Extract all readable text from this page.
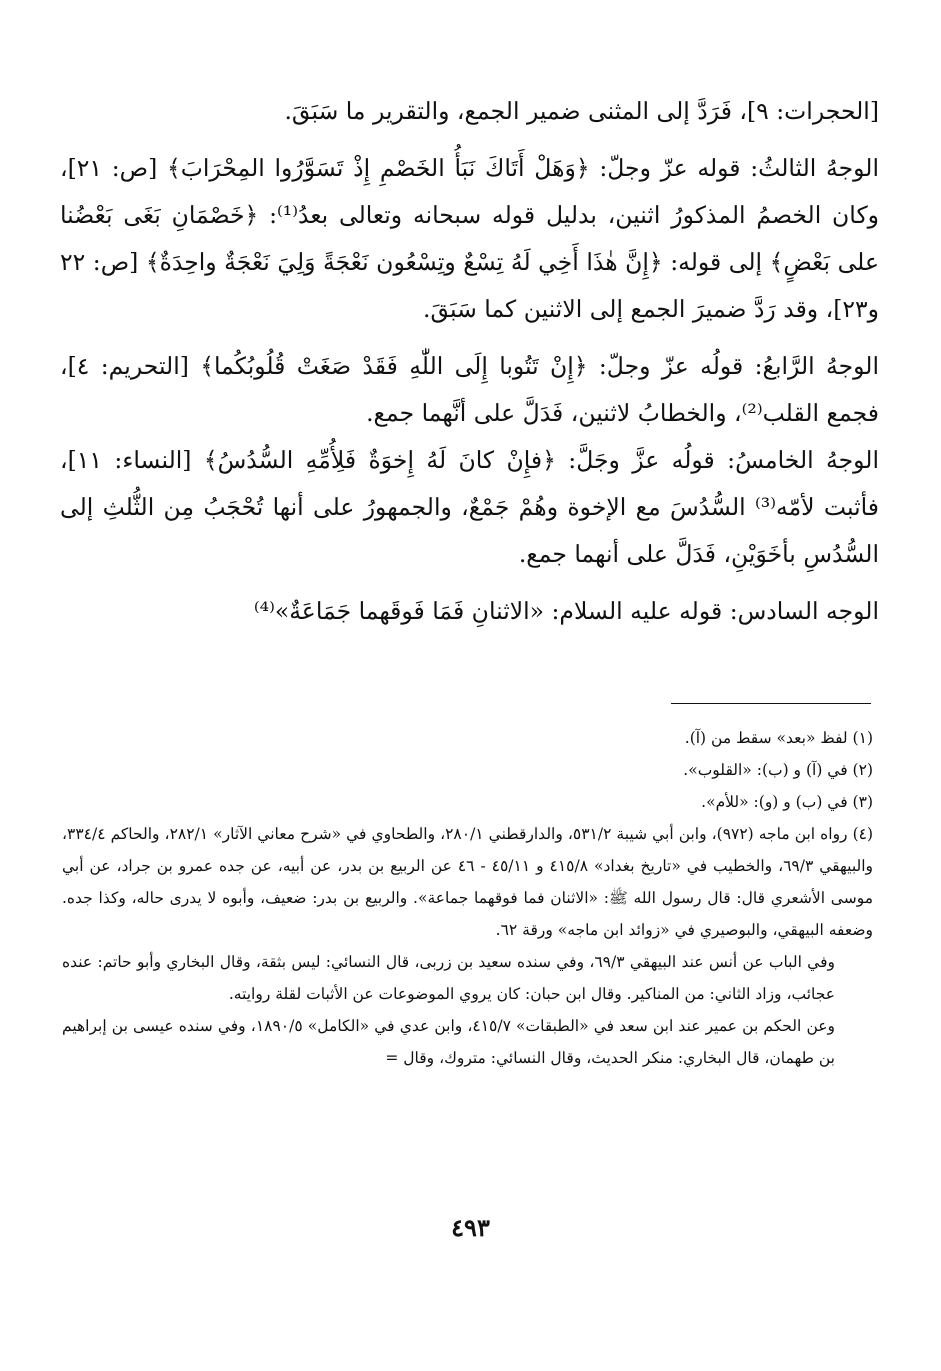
[الحجرات: ٩]، فَرَدَّ إلى المثنى ضمير الجمع، والتقرير ما سَبَقَ.

الوجهُ الثالثُ: قوله عزّ وجلّ: ﴿وَهَلْ أَتَاكَ نَبَأُ الخَصْمِ إِذْ تَسَوَّرُوا المِحْرَابَ﴾ [ص: ٢١]، وكان الخصمُ المذكورُ اثنين، بدليل قوله سبحانه وتعالى بعدُ⁽¹⁾: ﴿خَصْمَانِ بَغَى بَعْضُنا على بَعْضٍ﴾ إلى قوله: ﴿إِنَّ هٰذَا أَخِي لَهُ تِسْعٌ وتِسْعُون نَعْجَةً وَلِيَ نَعْجَةٌ واحِدَةٌ﴾ [ص: ٢٢ و٢٣]، وقد رَدَّ ضميرَ الجمع إلى الاثنين كما سَبَقَ.

الوجهُ الرَّابعُ: قولُه عزّ وجلّ: ﴿إِنْ تَتُوبا إِلَى اللّٰهِ فَقَدْ صَغَتْ قُلُوبُكُما﴾ [التحريم: ٤]، فجمع القلب⁽²⁾، والخطابُ لاثنين، فَدَلَّ على أنَّهما جمع.

الوجهُ الخامسُ: قولُه عزَّ وجَلَّ: ﴿فإِنْ كانَ لَهُ إِخوَةٌ فَلِأُمِّهِ السُّدُسُ﴾ [النساء: ١١]، فأثبت لأمّه⁽³⁾ السُّدُسَ مع الإخوة وهُمْ جَمْعٌ، والجمهورُ على أنها تُحْجَبُ مِن الثُّلثِ إلى السُّدُسِ بأخَوَيْنِ، فَدَلَّ على أنهما جمع.

الوجه السادس: قوله عليه السلام: «الاثنانِ فَمَا فَوقَهما جَمَاعَةٌ»⁽⁴⁾

(١) لفظ «بعد» سقط من (آ).

(٢) في (آ) و (ب): «القلوب».

(٣) في (ب) و (و): «للأم».

(٤) رواه ابن ماجه (٩٧٢)، وابن أبي شيبة ٥٣١/٢، والدارقطني ٢٨٠/١، والطحاوي في «شرح معاني الآثار» ٢٨٢/١، والحاكم ٣٣٤/٤، والبيهقي ٦٩/٣، والخطيب في «تاريخ بغداد» ٤١٥/٨ و ٤٥/١١ - ٤٦ عن الربيع بن بدر، عن أبيه، عن جده عمرو بن جراد، عن أبي موسى الأشعري قال: قال رسول الله ﷺ: «الاثنان فما فوقهما جماعة». والربيع بن بدر: ضعيف، وأبوه لا يدرى حاله، وكذا جده. وضعفه البيهقي، والبوصيري في «زوائد ابن ماجه» ورقة ٦٢.

وفي الباب عن أنس عند البيهقي ٦٩/٣، وفي سنده سعيد بن زربى، قال النسائي: ليس بثقة، وقال البخاري وأبو حاتم: عنده عجائب، وزاد الثاني: من المناكير. وقال ابن حبان: كان يروي الموضوعات عن الأثبات لقلة روايته.

وعن الحكم بن عمير عند ابن سعد في «الطبقات» ٤١٥/٧، وابن عدي في «الكامل» ١٨٩٠/٥، وفي سنده عيسى بن إبراهيم بن طهمان، قال البخاري: منكر الحديث، وقال النسائي: متروك، وقال =

٤٩٣
